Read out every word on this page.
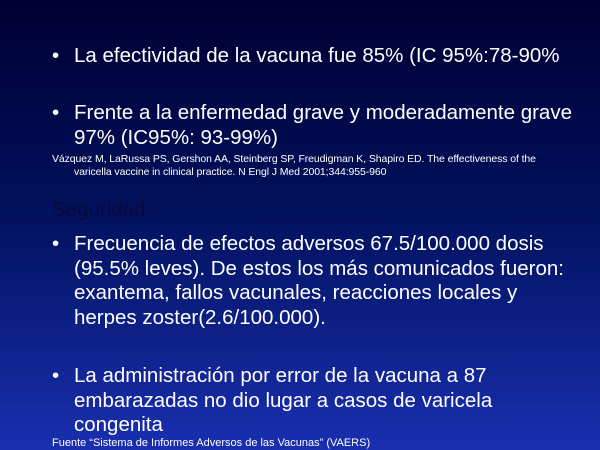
• La efectividad de la vacuna fue 85% (IC 95%:78-90%
• Frente a la enfermedad grave y moderadamente grave 97% (IC95%: 93-99%)
Vázquez M, LaRussa PS, Gershon AA, Steinberg SP, Freudigman K, Shapiro ED. The effectiveness of the varicella vaccine in clinical practice. N Engl J Med 2001;344:955-960
Seguridad:
• Frecuencia de efectos adversos 67.5/100.000 dosis (95.5% leves). De estos los más comunicados fueron: exantema, fallos vacunales, reacciones locales y herpes zoster(2.6/100.000).
• La administración por error de la vacuna a 87 embarazadas no dio lugar a casos de varicela congenita
Fuente “Sistema de Informes Adversos de las Vacunas” (VAERS)
